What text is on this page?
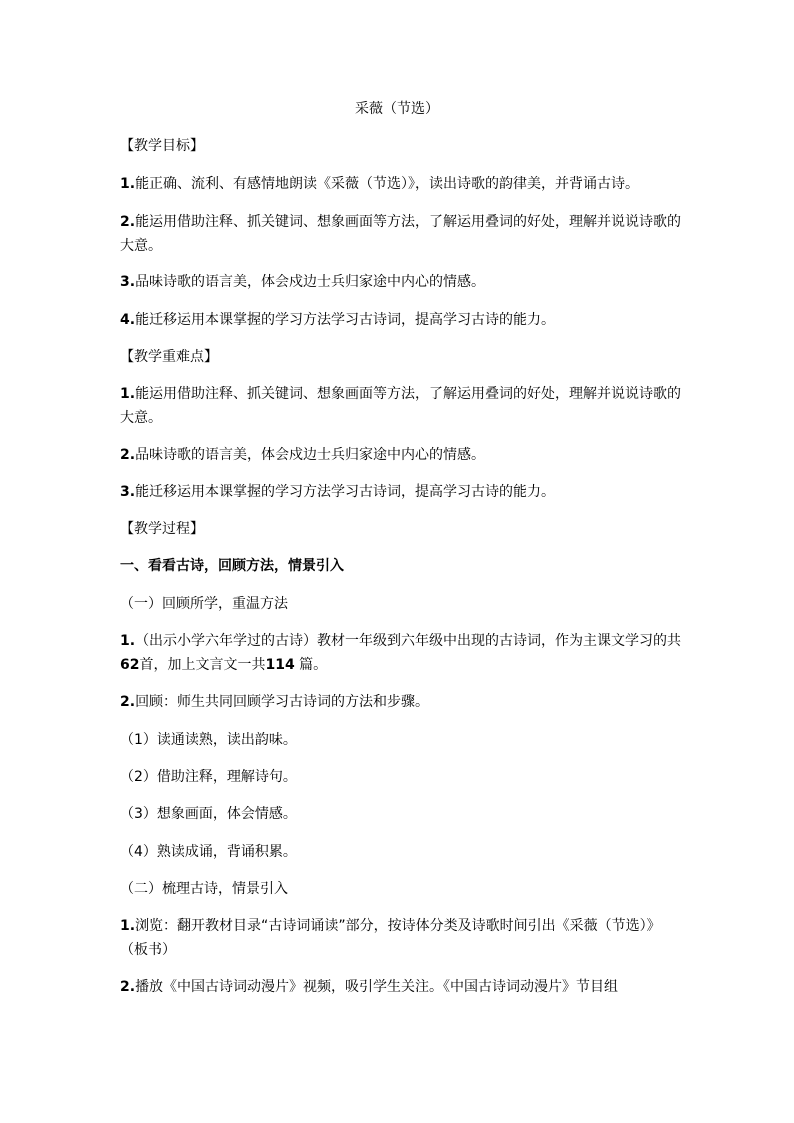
采薇（节选）
【教学目标】
1.能正确、流利、有感情地朗读《采薇（节选）》，读出诗歌的韵律美，并背诵古诗。
2.能运用借助注释、抓关键词、想象画面等方法，了解运用叠词的好处，理解并说说诗歌的
大意。
3.品味诗歌的语言美，体会戍边士兵归家途中内心的情感。
4.能迁移运用本课掌握的学习方法学习古诗词，提高学习古诗的能力。
【教学重难点】
1.能运用借助注释、抓关键词、想象画面等方法，了解运用叠词的好处，理解并说说诗歌的
大意。
2.品味诗歌的语言美，体会戍边士兵归家途中内心的情感。
3.能迁移运用本课掌握的学习方法学习古诗词，提高学习古诗的能力。
【教学过程】
一、看看古诗，回顾方法，情景引入
（一）回顾所学，重温方法
1.（出示小学六年学过的古诗）教材一年级到六年级中出现的古诗词，作为主课文学习的共
62首，加上文言文一共114 篇。
2.回顾：师生共同回顾学习古诗词的方法和步骤。
（1）读通读熟，读出韵味。
（2）借助注释，理解诗句。
（3）想象画面，体会情感。
（4）熟读成诵，背诵积累。
（二）梳理古诗，情景引入
1.浏览：翻开教材目录“古诗词诵读”部分，按诗体分类及诗歌时间引出《采薇（节选）》
（板书）
2.播放《中国古诗词动漫片》视频，吸引学生关注。《中国古诗词动漫片》节目组
